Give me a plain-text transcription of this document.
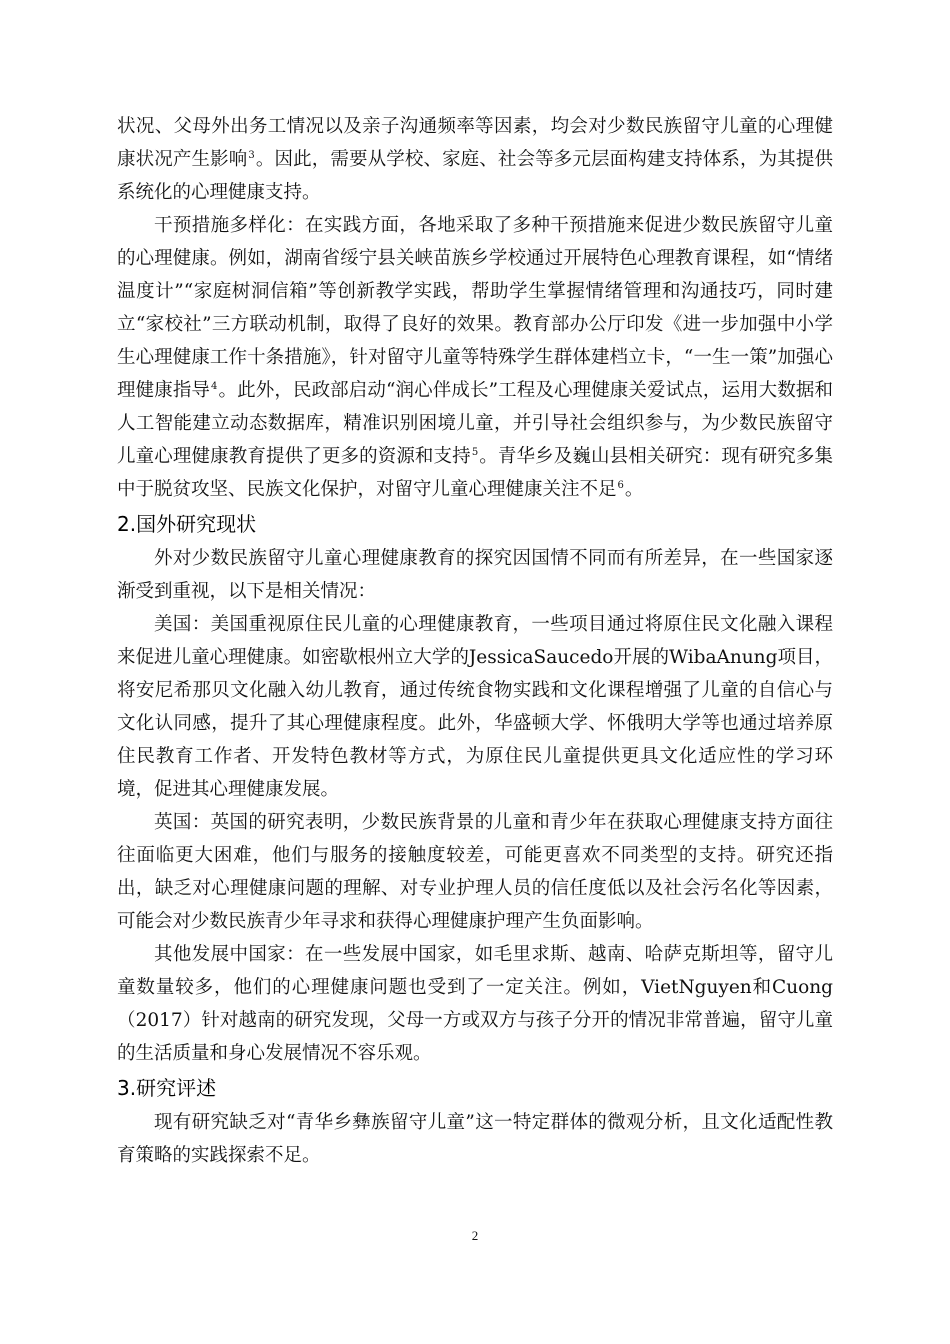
状况、父母外出务工情况以及亲子沟通频率等因素，均会对少数民族留守儿童的心理健康状况产生影响$^3$。因此，需要从学校、家庭、社会等多元层面构建支持体系，为其提供系统化的心理健康支持。

干预措施多样化：在实践方面，各地采取了多种干预措施来促进少数民族留守儿童的心理健康。例如，湖南省绥宁县关峡苗族乡学校通过开展特色心理教育课程，如“情绪温度计”“家庭树洞信箱”等创新教学实践，帮助学生掌握情绪管理和沟通技巧，同时建立“家校社”三方联动机制，取得了良好的效果。教育部办公厅印发《进一步加强中小学生心理健康工作十条措施》，针对留守儿童等特殊学生群体建档立卡，“一生一策”加强心理健康指导$^4$。此外，民政部启动“润心伴成长”工程及心理健康关爱试点，运用大数据和人工智能建立动态数据库，精准识别困境儿童，并引导社会组织参与，为少数民族留守儿童心理健康教育提供了更多的资源和支持$^5$。青华乡及巍山县相关研究：现有研究多集中于脱贫攻坚、民族文化保护，对留守儿童心理健康关注不足$^6$。

2.国外研究现状

外对少数民族留守儿童心理健康教育的探究因国情不同而有所差异，在一些国家逐渐受到重视，以下是相关情况：

美国：美国重视原住民儿童的心理健康教育，一些项目通过将原住民文化融入课程来促进儿童心理健康。如密歇根州立大学的JessicaSaucedo开展的WibaAnung项目，将安尼希那贝文化融入幼儿教育，通过传统食物实践和文化课程增强了儿童的自信心与文化认同感，提升了其心理健康程度。此外，华盛顿大学、怀俄明大学等也通过培养原住民教育工作者、开发特色教材等方式，为原住民儿童提供更具文化适应性的学习环境，促进其心理健康发展。

英国：英国的研究表明，少数民族背景的儿童和青少年在获取心理健康支持方面往往面临更大困难，他们与服务的接触度较差，可能更喜欢不同类型的支持。研究还指出，缺乏对心理健康问题的理解、对专业护理人员的信任度低以及社会污名化等因素，可能会对少数民族青少年寻求和获得心理健康护理产生负面影响。

其他发展中国家：在一些发展中国家，如毛里求斯、越南、哈萨克斯坦等，留守儿童数量较多，他们的心理健康问题也受到了一定关注。例如，VietNguyen和Cuong（2017）针对越南的研究发现，父母一方或双方与孩子分开的情况非常普遍，留守儿童的生活质量和身心发展情况不容乐观。

3.研究评述

现有研究缺乏对“青华乡彝族留守儿童”这一特定群体的微观分析，且文化适配性教育策略的实践探索不足。

2
